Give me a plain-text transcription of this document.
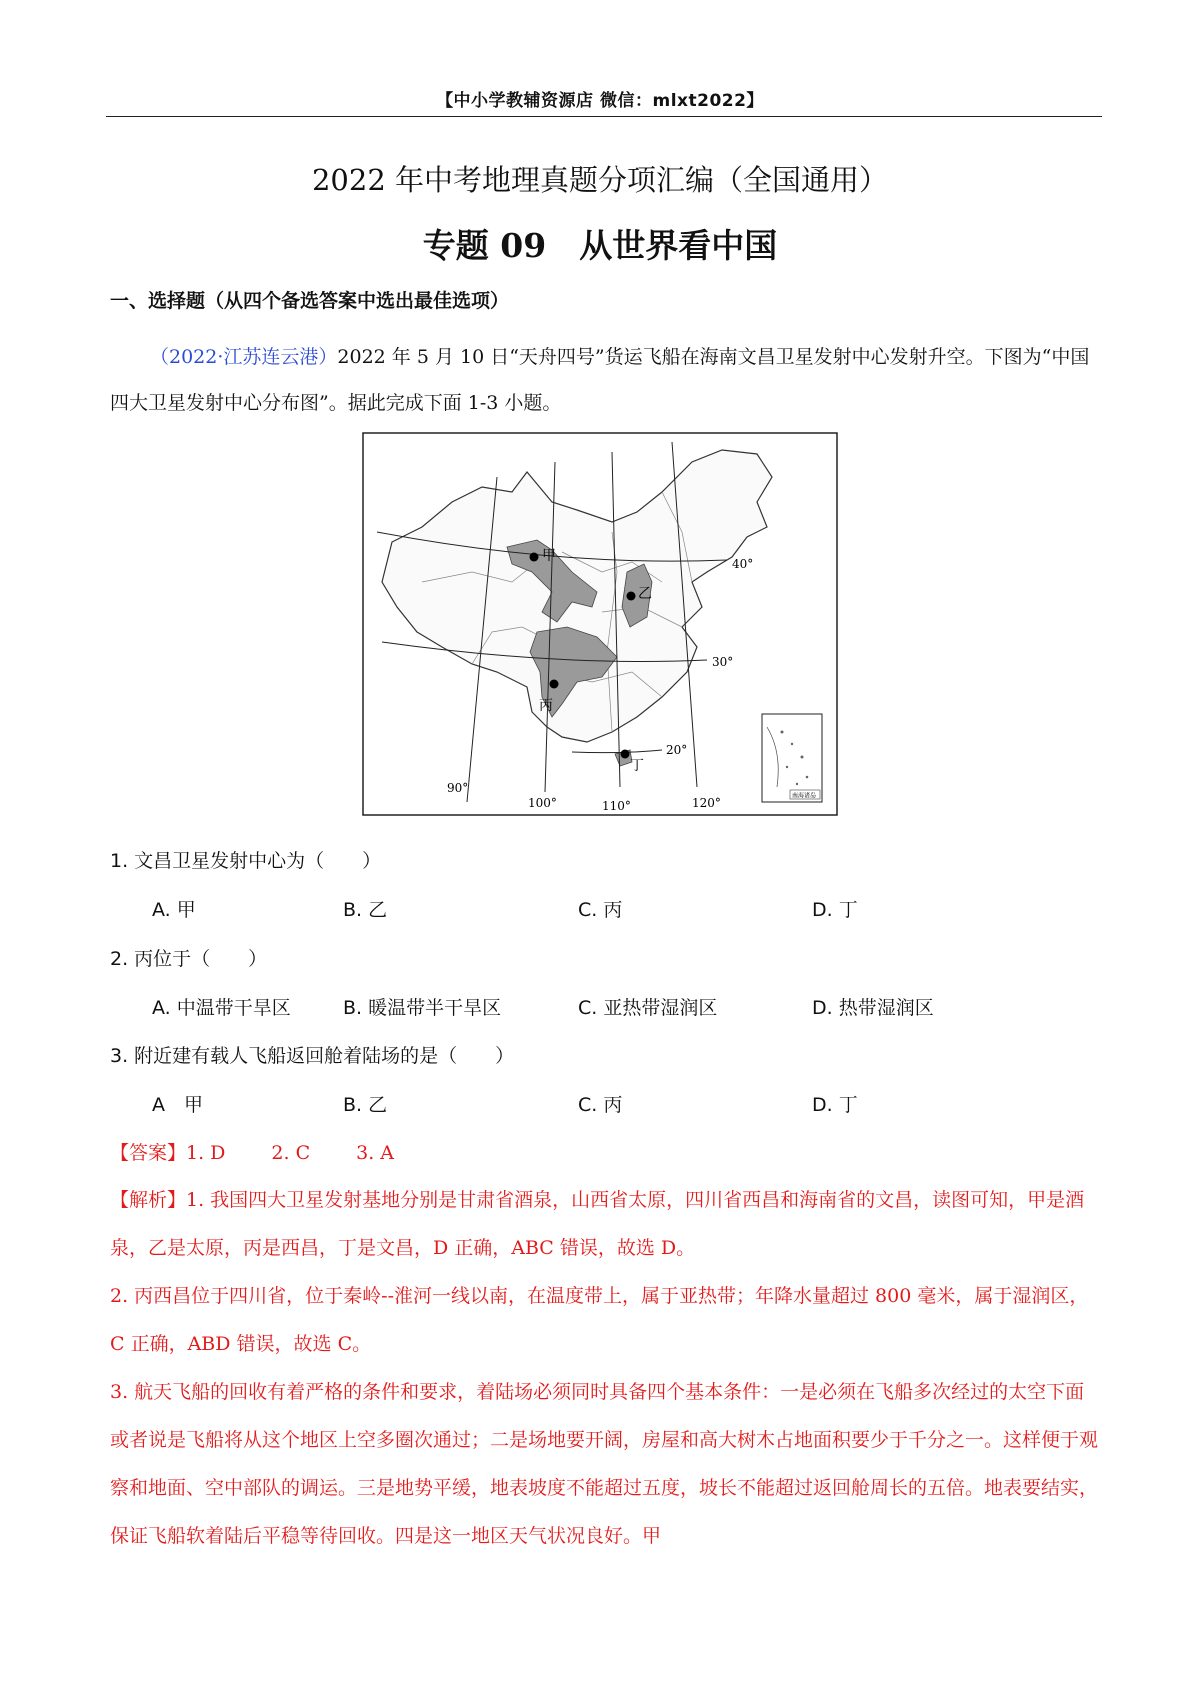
【中小学教辅资源店 微信：mlxt2022】
2022 年中考地理真题分项汇编（全国通用）
专题 09　从世界看中国
一、选择题（从四个备选答案中选出最佳选项）
（2022·江苏连云港）2022 年 5 月 10 日“天舟四号”货运飞船在海南文昌卫星发射中心发射升空。下图为“中国四大卫星发射中心分布图”。据此完成下面 1-3 小题。
甲
乙
丙
丁
40°
30°
20°
90°
100°	110°	120°	南海诸岛
1. 文昌卫星发射中心为（　　）
A. 甲	B. 乙	C. 丙	D. 丁
2. 丙位于（　　）
A. 中温带干旱区	B. 暖温带半干旱区	C. 亚热带湿润区	D. 热带湿润区
3. 附近建有载人飞船返回舱着陆场的是（　　）
A　甲	B. 乙	C. 丙	D. 丁
【答案】1. D 2. C 3. A
【解析】1. 我国四大卫星发射基地分别是甘肃省酒泉，山西省太原，四川省西昌和海南省的文昌，读图可知，甲是酒泉，乙是太原，丙是西昌，丁是文昌，D 正确，ABC 错误，故选 D。
2. 丙西昌位于四川省，位于秦岭--淮河一线以南，在温度带上，属于亚热带；年降水量超过 800 毫米，属于湿润区，C 正确，ABD 错误，故选 C。
3. 航天飞船的回收有着严格的条件和要求，着陆场必须同时具备四个基本条件：一是必须在飞船多次经过的太空下面或者说是飞船将从这个地区上空多圈次通过；二是场地要开阔，房屋和高大树木占地面积要少于千分之一。这样便于观察和地面、空中部队的调运。三是地势平缓，地表坡度不能超过五度，坡长不能超过返回舱周长的五倍。地表要结实，保证飞船软着陆后平稳等待回收。四是这一地区天气状况良好。甲
